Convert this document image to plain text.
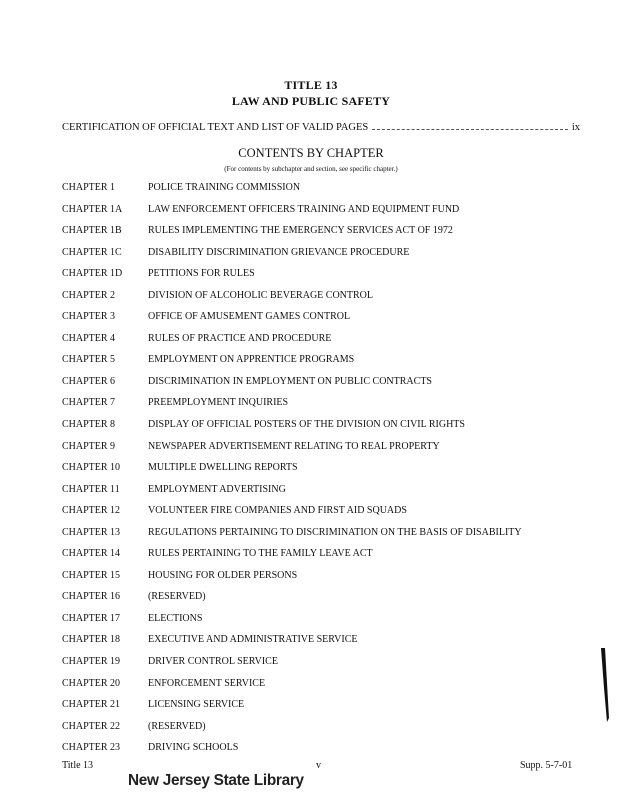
TITLE 13
LAW AND PUBLIC SAFETY
CERTIFICATION OF OFFICIAL TEXT AND LIST OF VALID PAGES	ix
CONTENTS BY CHAPTER
(For contents by subchapter and section, see specific chapter.)
CHAPTER 1	POLICE TRAINING COMMISSION
CHAPTER 1A	LAW ENFORCEMENT OFFICERS TRAINING AND EQUIPMENT FUND
CHAPTER 1B	RULES IMPLEMENTING THE EMERGENCY SERVICES ACT OF 1972
CHAPTER 1C	DISABILITY DISCRIMINATION GRIEVANCE PROCEDURE
CHAPTER 1D	PETITIONS FOR RULES
CHAPTER 2	DIVISION OF ALCOHOLIC BEVERAGE CONTROL
CHAPTER 3	OFFICE OF AMUSEMENT GAMES CONTROL
CHAPTER 4	RULES OF PRACTICE AND PROCEDURE
CHAPTER 5	EMPLOYMENT ON APPRENTICE PROGRAMS
CHAPTER 6	DISCRIMINATION IN EMPLOYMENT ON PUBLIC CONTRACTS
CHAPTER 7	PREEMPLOYMENT INQUIRIES
CHAPTER 8	DISPLAY OF OFFICIAL POSTERS OF THE DIVISION ON CIVIL RIGHTS
CHAPTER 9	NEWSPAPER ADVERTISEMENT RELATING TO REAL PROPERTY
CHAPTER 10	MULTIPLE DWELLING REPORTS
CHAPTER 11	EMPLOYMENT ADVERTISING
CHAPTER 12	VOLUNTEER FIRE COMPANIES AND FIRST AID SQUADS
CHAPTER 13	REGULATIONS PERTAINING TO DISCRIMINATION ON THE BASIS OF DISABILITY
CHAPTER 14	RULES PERTAINING TO THE FAMILY LEAVE ACT
CHAPTER 15	HOUSING FOR OLDER PERSONS
CHAPTER 16	(RESERVED)
CHAPTER 17	ELECTIONS
CHAPTER 18	EXECUTIVE AND ADMINISTRATIVE SERVICE
CHAPTER 19	DRIVER CONTROL SERVICE
CHAPTER 20	ENFORCEMENT SERVICE
CHAPTER 21	LICENSING SERVICE
CHAPTER 22	(RESERVED)
CHAPTER 23	DRIVING SCHOOLS
Title 13	v	Supp. 5-7-01
New Jersey State Library
